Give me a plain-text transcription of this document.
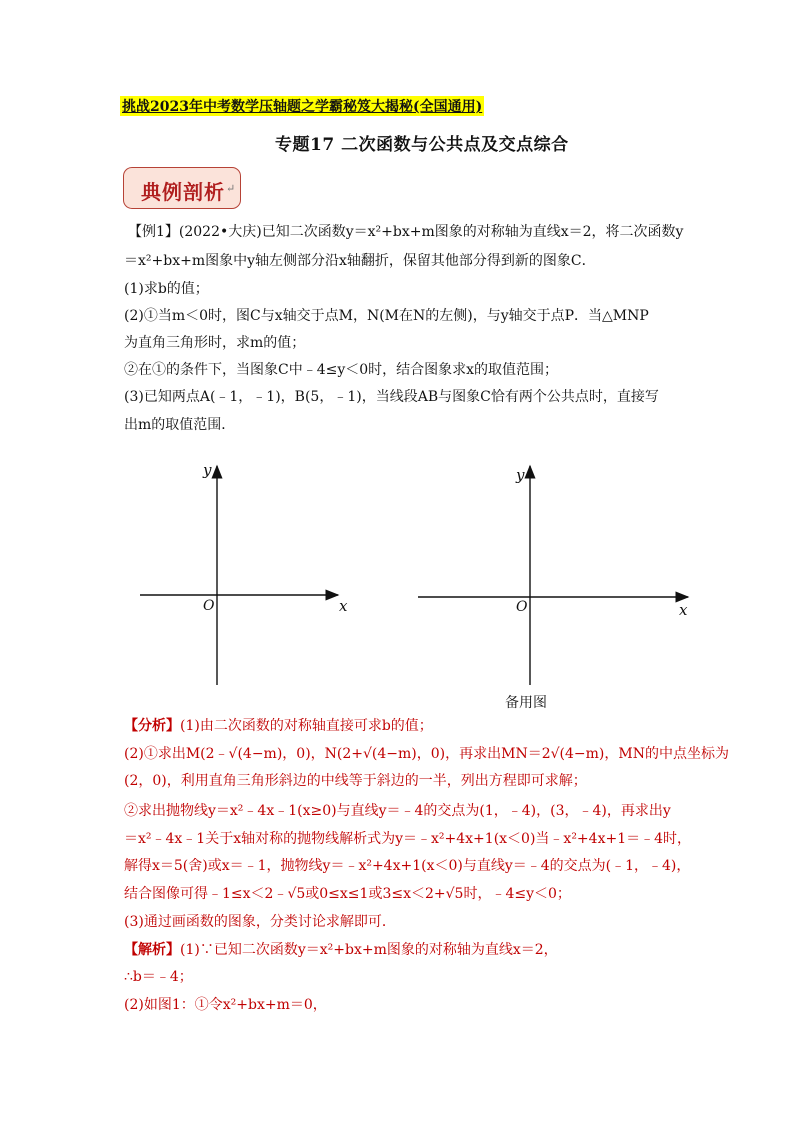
挑战2023年中考数学压轴题之学霸秘笈大揭秘(全国通用)
专题17 二次函数与公共点及交点综合
典例剖析 ↵
【例1】(2022•大庆)已知二次函数y＝x²+bx+m图象的对称轴为直线x＝2，将二次函数y
＝x²+bx+m图象中y轴左侧部分沿x轴翻折，保留其他部分得到新的图象C．
(1)求b的值；
(2)①当m＜0时，图C与x轴交于点M，N(M在N的左侧)，与y轴交于点P．当△MNP
为直角三角形时，求m的值；
②在①的条件下，当图象C中﹣4≤y＜0时，结合图象求x的取值范围；
(3)已知两点A(﹣1，﹣1)，B(5，﹣1)，当线段AB与图象C恰有两个公共点时，直接写
出m的取值范围．
y
x
O
y
x
O
备用图
【分析】(1)由二次函数的对称轴直接可求b的值；
(2)①求出M(2﹣√(4−m)，0)，N(2+√(4−m)，0)，再求出MN＝2√(4−m)，MN的中点坐标为
(2，0)，利用直角三角形斜边的中线等于斜边的一半，列出方程即可求解；
②求出抛物线y＝x²﹣4x﹣1(x≥0)与直线y＝﹣4的交点为(1，﹣4)，(3，﹣4)，再求出y
＝x²﹣4x﹣1关于x轴对称的抛物线解析式为y＝﹣x²+4x+1(x＜0)当﹣x²+4x+1＝﹣4时，
解得x＝5(舍)或x＝﹣1，抛物线y＝﹣x²+4x+1(x＜0)与直线y＝﹣4的交点为(﹣1，﹣4)，
结合图像可得﹣1≤x＜2﹣√5或0≤x≤1或3≤x＜2+√5时，﹣4≤y＜0；
(3)通过画函数的图象，分类讨论求解即可．
【解析】(1)∵已知二次函数y＝x²+bx+m图象的对称轴为直线x＝2，
∴b＝﹣4；
(2)如图1：①令x²+bx+m＝0，
